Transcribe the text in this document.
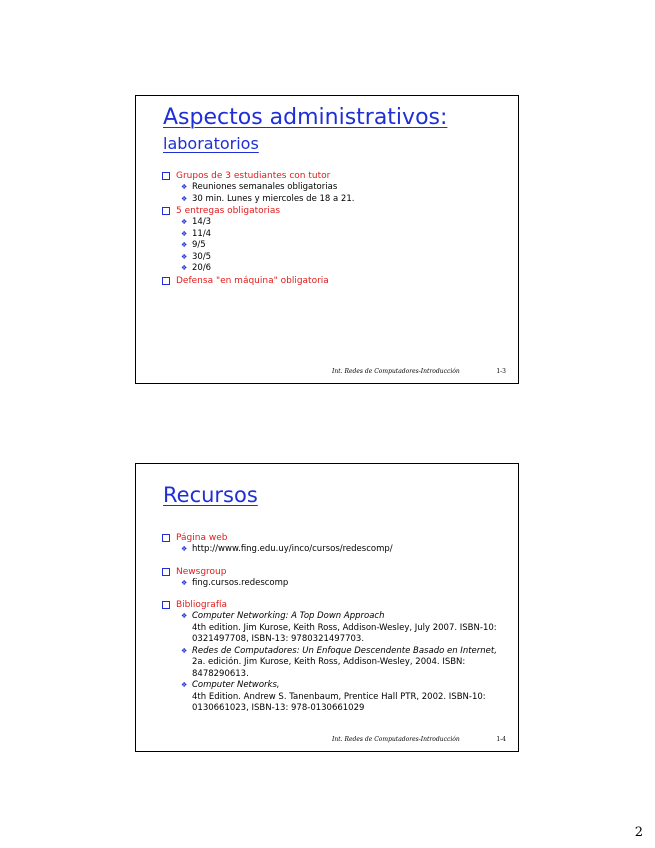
Aspectos administrativos:
laboratorios
Grupos de 3 estudiantes con tutor
❖ Reuniones semanales obligatorias
❖ 30 min. Lunes y miercoles de 18 a 21.
5 entregas obligatorias
❖ 14/3
❖ 11/4
❖ 9/5
❖ 30/5
❖ 20/6
Defensa "en máquina" obligatoria
Int. Redes de Computadores-Introducción	1-3
Recursos
Página web
❖ http://www.fing.edu.uy/inco/cursos/redescomp/
Newsgroup
❖ fing.cursos.redescomp
Bibliografía
❖ Computer Networking: A Top Down Approach
4th edition. Jim Kurose, Keith Ross, Addison-Wesley, July 2007. ISBN-10: 0321497708, ISBN-13: 9780321497703.
❖ Redes de Computadores: Un Enfoque Descendente Basado en Internet,
2a. edición. Jim Kurose, Keith Ross, Addison-Wesley, 2004. ISBN: 8478290613.
❖ Computer Networks,
4th Edition. Andrew S. Tanenbaum, Prentice Hall PTR, 2002. ISBN-10: 0130661023, ISBN-13: 978-0130661029
Int. Redes de Computadores-Introducción	1-4
2
